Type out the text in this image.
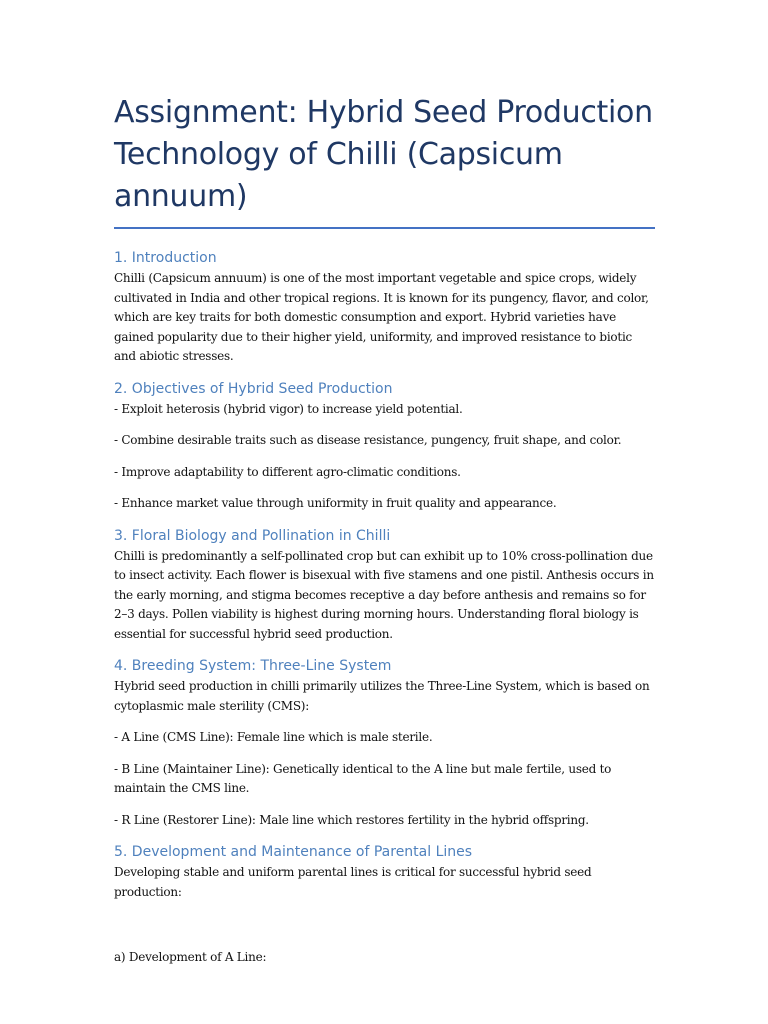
Assignment: Hybrid Seed Production Technology of Chilli (Capsicum annuum)
1. Introduction

Chilli (Capsicum annuum) is one of the most important vegetable and spice crops, widely cultivated in India and other tropical regions. It is known for its pungency, flavor, and color, which are key traits for both domestic consumption and export. Hybrid varieties have gained popularity due to their higher yield, uniformity, and improved resistance to biotic and abiotic stresses.

2. Objectives of Hybrid Seed Production

- Exploit heterosis (hybrid vigor) to increase yield potential.

- Combine desirable traits such as disease resistance, pungency, fruit shape, and color.

- Improve adaptability to different agro-climatic conditions.

- Enhance market value through uniformity in fruit quality and appearance.

3. Floral Biology and Pollination in Chilli

Chilli is predominantly a self-pollinated crop but can exhibit up to 10% cross-pollination due to insect activity. Each flower is bisexual with five stamens and one pistil. Anthesis occurs in the early morning, and stigma becomes receptive a day before anthesis and remains so for 2–3 days. Pollen viability is highest during morning hours. Understanding floral biology is essential for successful hybrid seed production.

4. Breeding System: Three-Line System

Hybrid seed production in chilli primarily utilizes the Three-Line System, which is based on cytoplasmic male sterility (CMS):

- A Line (CMS Line): Female line which is male sterile.

- B Line (Maintainer Line): Genetically identical to the A line but male fertile, used to maintain the CMS line.

- R Line (Restorer Line): Male line which restores fertility in the hybrid offspring.

5. Development and Maintenance of Parental Lines

Developing stable and uniform parental lines is critical for successful hybrid seed production:

a) Development of A Line:
